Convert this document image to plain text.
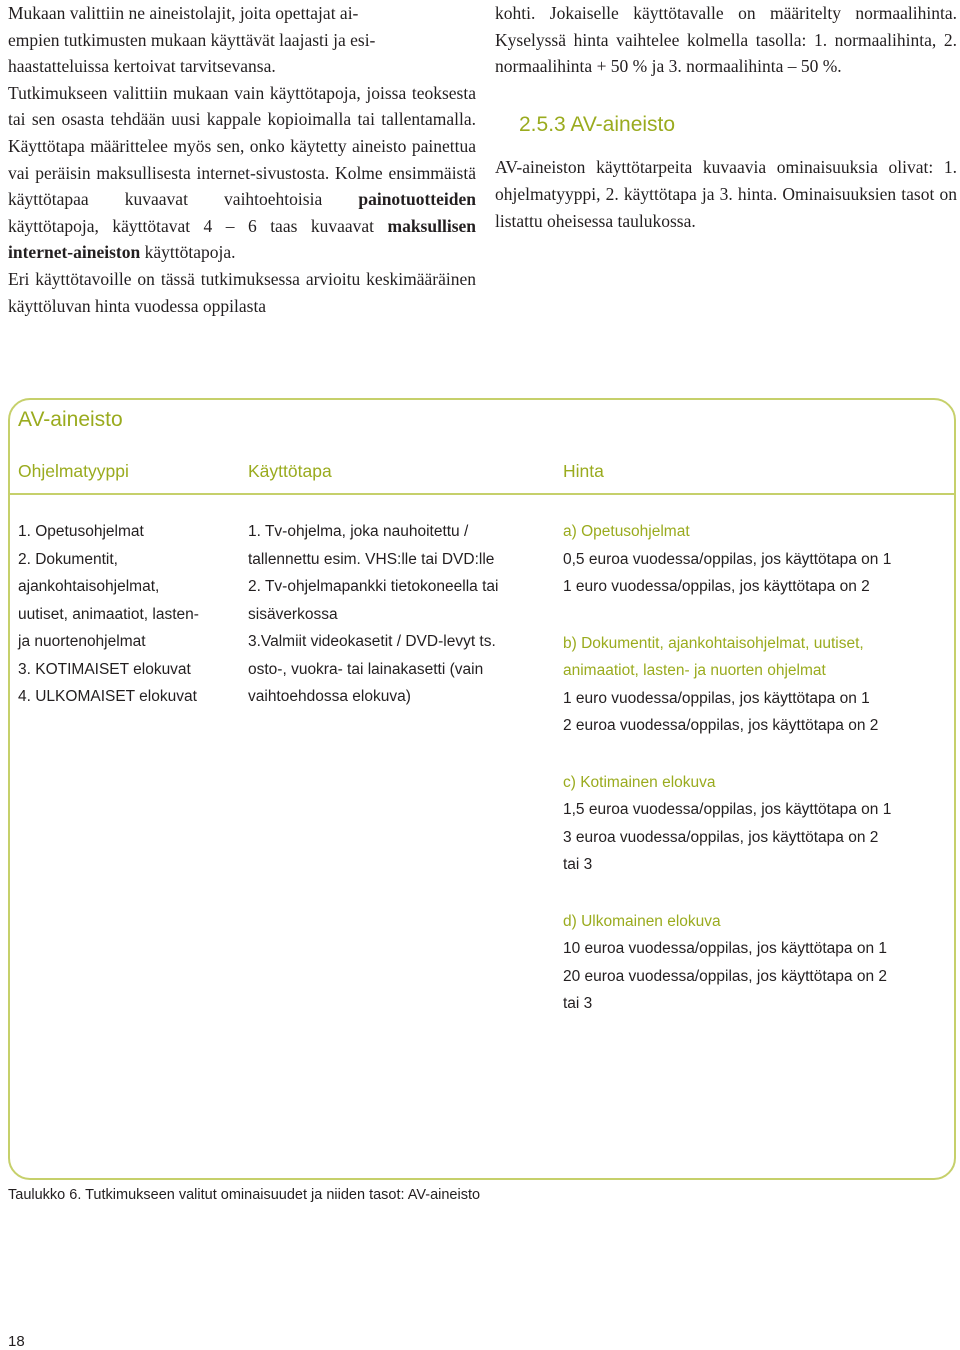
Mukaan valittiin ne aineistolajit, joita opettajat ai-
empien tutkimusten mukaan käyttävät laajasti ja esi-
haastatteluissa kertoivat tarvitsevansa.

Tutkimukseen valittiin mukaan vain käyttötapoja, joissa teoksesta tai sen osasta tehdään uusi kappale kopioimalla tai tallentamalla. Käyttötapa määrittelee myös sen, onko käytetty aineisto painettua vai peräisin maksullisesta internet-sivustosta. Kolme ensimmäistä käyttötapaa kuvaavat vaihtoehtoisia painotuotteiden käyttötapoja, käyttötavat 4 – 6 taas kuvaavat maksullisen internet-aineiston käyttötapoja.

Eri käyttötavoille on tässä tutkimuksessa arvioitu keskimääräinen käyttöluvan hinta vuodessa oppilasta

kohti. Jokaiselle käyttötavalle on määritelty normaalihinta. Kyselyssä hinta vaihtelee kolmella tasolla: 1. normaalihinta, 2. normaalihinta + 50 % ja 3. normaalihinta – 50 %.

2.5.3 AV-aineisto

AV-aineiston käyttötarpeita kuvaavia ominaisuuksia olivat: 1. ohjelmatyyppi, 2. käyttötapa ja 3. hinta. Ominaisuuksien tasot on listattu oheisessa taulukossa.

AV-aineisto
Ohjelmatyyppi	Käyttötapa	Hinta
1. Opetusohjelmat
2. Dokumentit,
ajankohtaisohjelmat,
uutiset, animaatiot, lasten-
ja nuortenohjelmat
3. KOTIMAISET elokuvat
4. ULKOMAISET elokuvat
1. Tv-ohjelma, joka nauhoitettu /
tallennettu esim. VHS:lle tai DVD:lle
2. Tv-ohjelmapankki tietokoneella tai
sisäverkossa
3.Valmiit videokasetit / DVD-levyt ts.
osto-, vuokra- tai lainakasetti (vain
vaihtoehdossa elokuva)
a) Opetusohjelmat
0,5 euroa vuodessa/oppilas, jos käyttötapa on 1
1 euro vuodessa/oppilas, jos käyttötapa on 2
b) Dokumentit, ajankohtaisohjelmat, uutiset,
animaatiot, lasten- ja nuorten ohjelmat
1 euro vuodessa/oppilas, jos käyttötapa on 1
2 euroa vuodessa/oppilas, jos käyttötapa on 2
c) Kotimainen elokuva
1,5 euroa vuodessa/oppilas, jos käyttötapa on 1
3 euroa vuodessa/oppilas, jos käyttötapa on 2
tai 3
d) Ulkomainen elokuva
10 euroa vuodessa/oppilas, jos käyttötapa on 1
20 euroa vuodessa/oppilas, jos käyttötapa on 2
tai 3
Taulukko 6. Tutkimukseen valitut ominaisuudet ja niiden tasot: AV-aineisto
18
